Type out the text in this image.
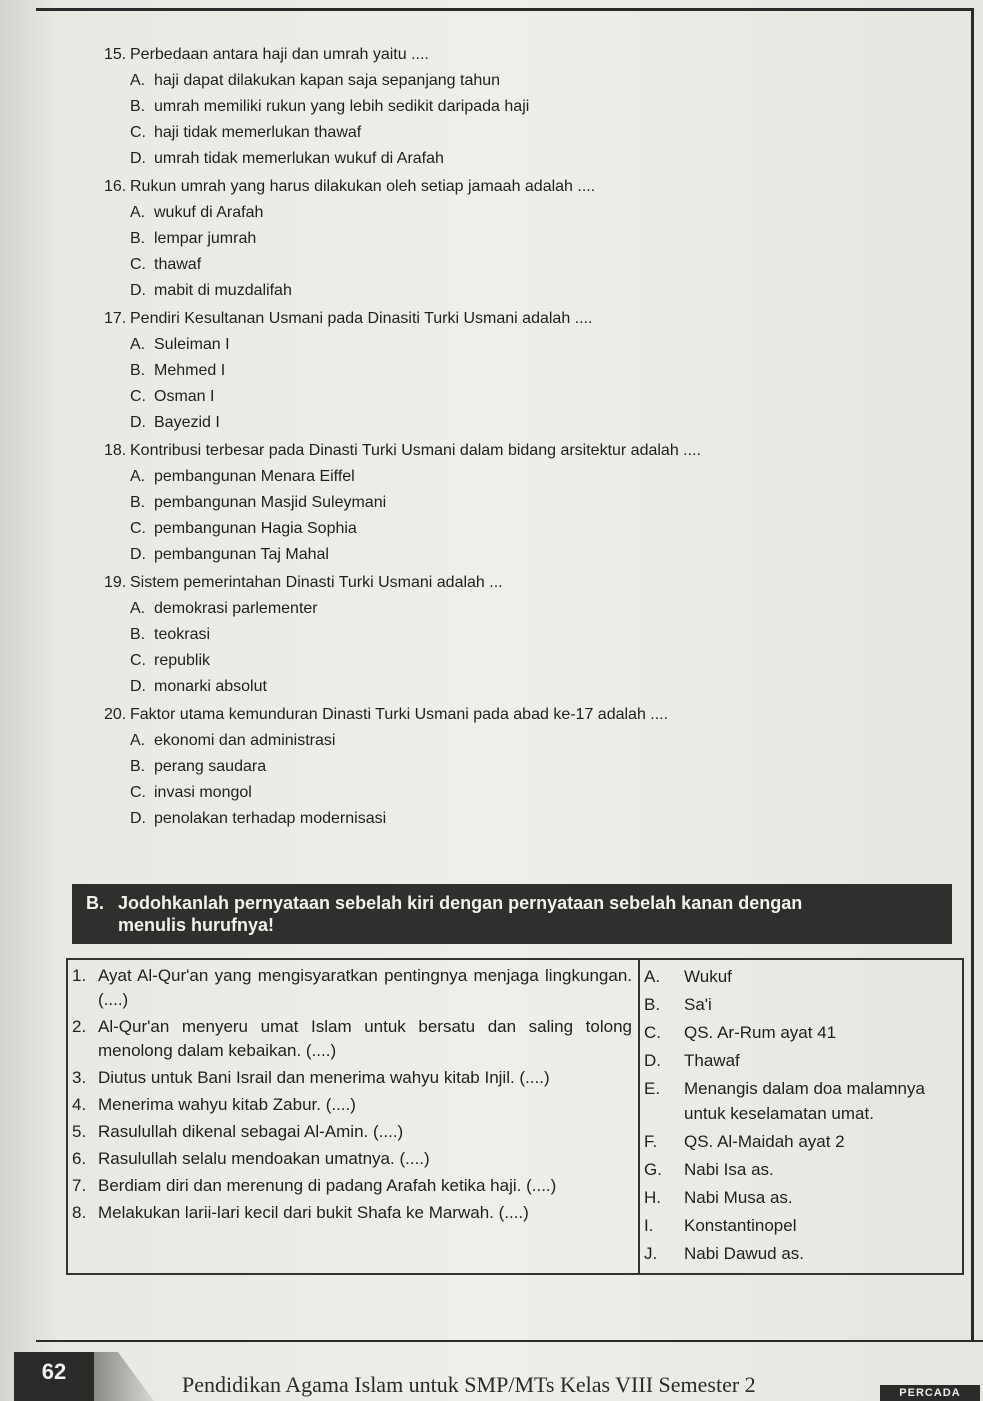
15. Perbedaan antara haji dan umrah yaitu ....
A. haji dapat dilakukan kapan saja sepanjang tahun
B. umrah memiliki rukun yang lebih sedikit daripada haji
C. haji tidak memerlukan thawaf
D. umrah tidak memerlukan wukuf di Arafah
16. Rukun umrah yang harus dilakukan oleh setiap jamaah adalah ....
A. wukuf di Arafah
B. lempar jumrah
C. thawaf
D. mabit di muzdalifah
17. Pendiri Kesultanan Usmani pada Dinasiti Turki Usmani adalah ....
A. Suleiman I
B. Mehmed I
C. Osman I
D. Bayezid I
18. Kontribusi terbesar pada Dinasti Turki Usmani dalam bidang arsitektur adalah ....
A. pembangunan Menara Eiffel
B. pembangunan Masjid Suleymani
C. pembangunan Hagia Sophia
D. pembangunan Taj Mahal
19. Sistem pemerintahan Dinasti Turki Usmani adalah ...
A. demokrasi parlementer
B. teokrasi
C. republik
D. monarki absolut
20. Faktor utama kemunduran Dinasti Turki Usmani pada abad ke-17 adalah ....
A. ekonomi dan administrasi
B. perang saudara
C. invasi mongol
D. penolakan terhadap modernisasi
B. Jodohkanlah pernyataan sebelah kiri dengan pernyataan sebelah kanan dengan
menulis hurufnya!
1. Ayat Al-Qur'an yang mengisyaratkan pentingnya menjaga lingkungan. (....)
2. Al-Qur'an menyeru umat Islam untuk bersatu dan saling tolong menolong dalam kebaikan. (....)
3. Diutus untuk Bani Israil dan menerima wahyu kitab Injil. (....)
4. Menerima wahyu kitab Zabur. (....)
5. Rasulullah dikenal sebagai Al-Amin. (....)
6. Rasulullah selalu mendoakan umatnya. (....)
7. Berdiam diri dan merenung di padang Arafah ketika haji. (....)
8. Melakukan larii-lari kecil dari bukit Shafa ke Marwah. (....)

A.	Wukuf
B.	Sa'i
C.	QS. Ar-Rum ayat 41
D.	Thawaf
E.	Menangis dalam doa malamnya untuk keselamatan umat.
F.	QS. Al-Maidah ayat 2
G.	Nabi Isa as.
H.	Nabi Musa as.
I.	Konstantinopel
J.	Nabi Dawud as.
62
Pendidikan Agama Islam untuk SMP/MTs Kelas VIII Semester 2	PERCADA
